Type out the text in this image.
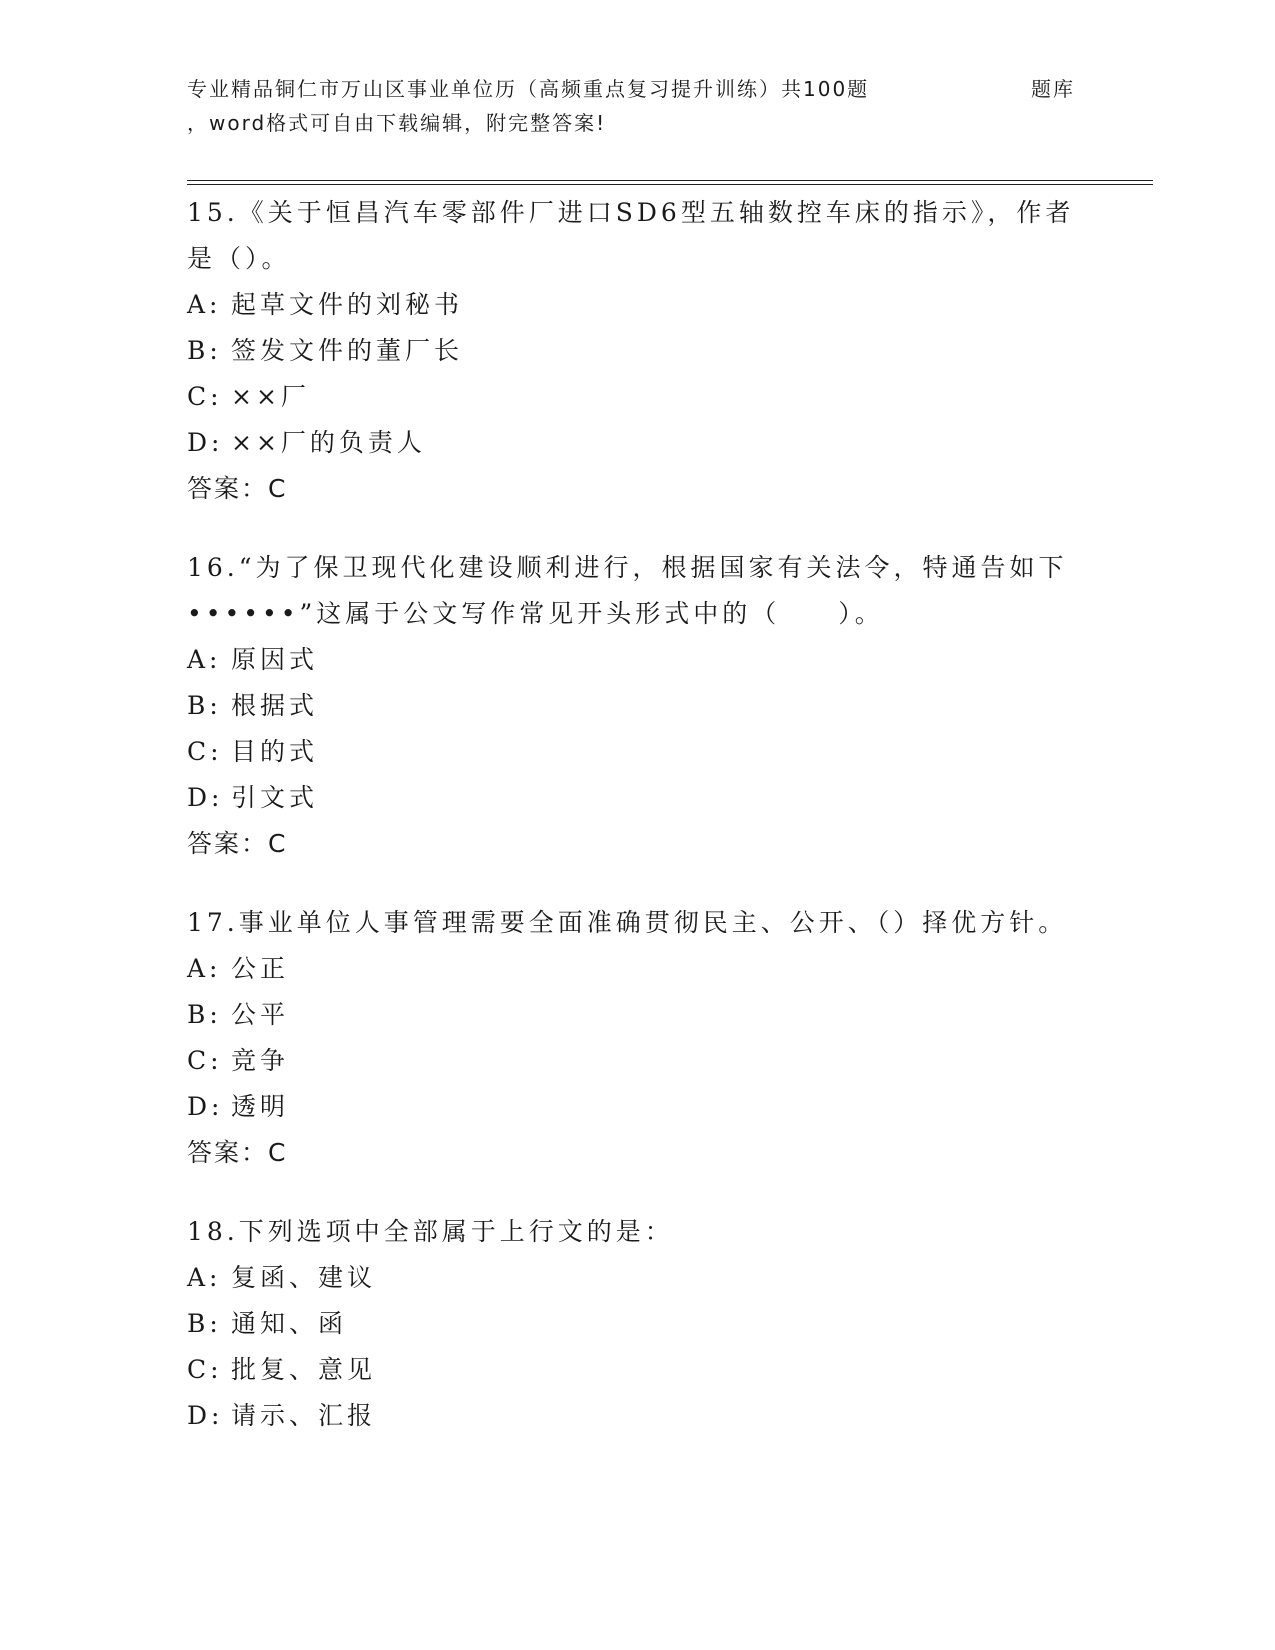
专业精品铜仁市万山区事业单位历（高频重点复习提升训练）共100题	题库
，word格式可自由下载编辑，附完整答案!
15.《关于恒昌汽车零部件厂进口SD6型五轴数控车床的指示》，作者
是（）。
A: 起草文件的刘秘书
B: 签发文件的董厂长
C: ××厂
D: ××厂的负责人
答案：C
16.“为了保卫现代化建设顺利进行，根据国家有关法令，特通告如下
••••••”这属于公文写作常见开头形式中的（　　）。
A: 原因式
B: 根据式
C: 目的式
D: 引文式
答案：C
17.事业单位人事管理需要全面准确贯彻民主、公开、（）择优方针。
A: 公正
B: 公平
C: 竞争
D: 透明
答案：C
18.下列选项中全部属于上行文的是：
A: 复函、建议
B: 通知、函
C: 批复、意见
D: 请示、汇报
